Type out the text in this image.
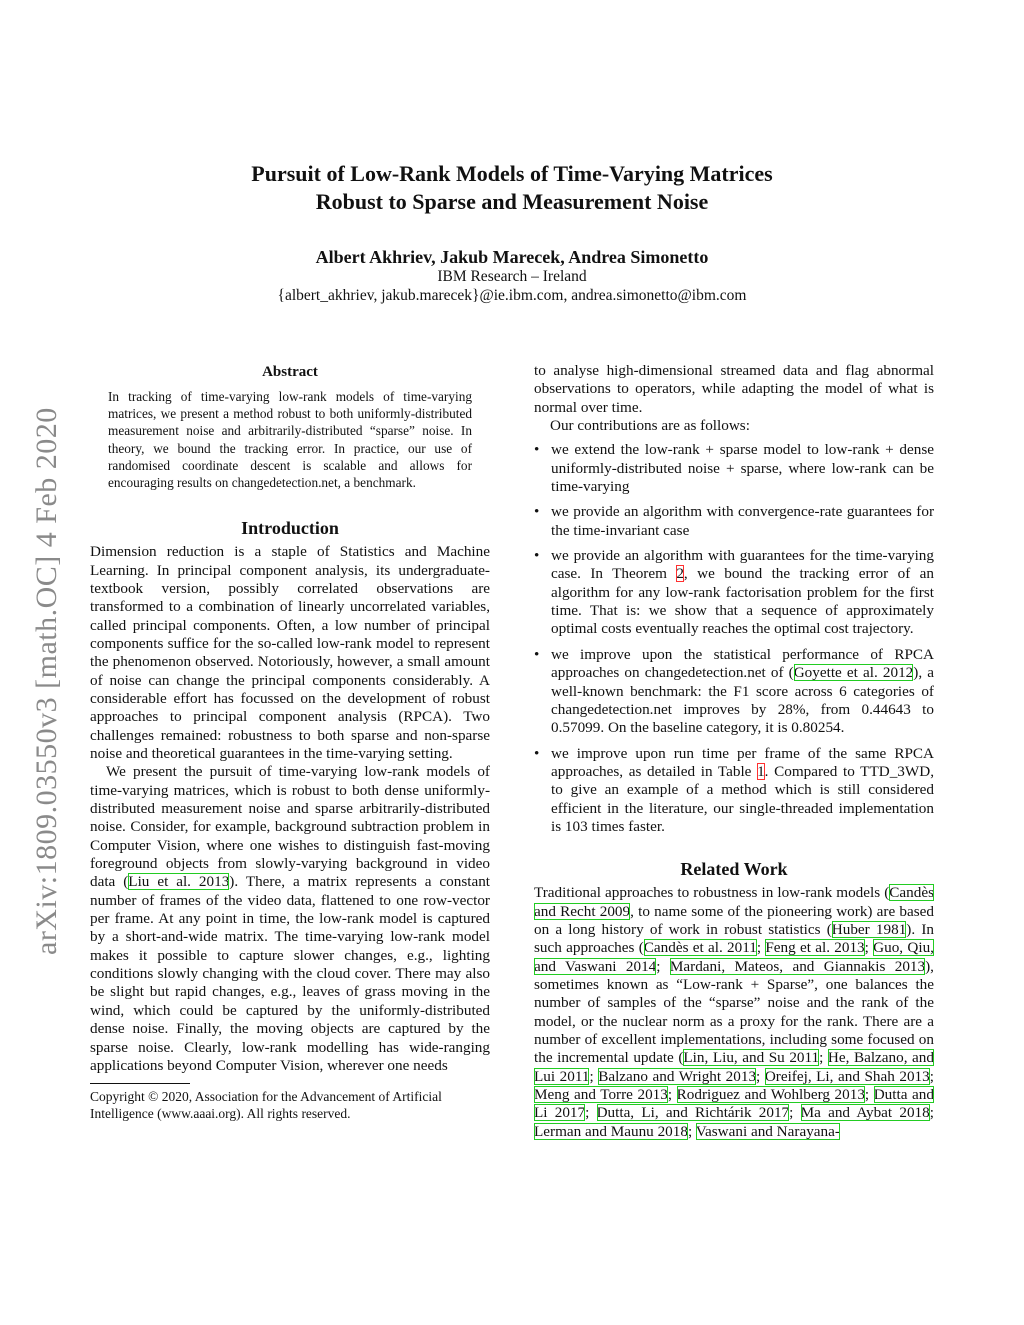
arXiv:1809.03550v3 [math.OC] 4 Feb 2020
Pursuit of Low-Rank Models of Time-Varying Matrices
Robust to Sparse and Measurement Noise
Albert Akhriev, Jakub Marecek, Andrea Simonetto
IBM Research – Ireland
{albert_akhriev, jakub.marecek}@ie.ibm.com, andrea.simonetto@ibm.com
Abstract

In tracking of time-varying low-rank models of time-varying matrices, we present a method robust to both uniformly-distributed measurement noise and arbitrarily-distributed “sparse” noise. In theory, we bound the tracking error. In practice, our use of randomised coordinate descent is scalable and allows for encouraging results on changedetection.net, a benchmark.

Introduction

Dimension reduction is a staple of Statistics and Machine Learning. In principal component analysis, its undergraduate-textbook version, possibly correlated observations are transformed to a combination of linearly uncorrelated variables, called principal components. Often, a low number of principal components suffice for the so-called low-rank model to represent the phenomenon observed. Notoriously, however, a small amount of noise can change the principal components considerably. A considerable effort has focussed on the development of robust approaches to principal component analysis (RPCA). Two challenges remained: robustness to both sparse and non-sparse noise and theoretical guarantees in the time-varying setting.

We present the pursuit of time-varying low-rank models of time-varying matrices, which is robust to both dense uniformly-distributed measurement noise and sparse arbitrarily-distributed noise. Consider, for example, background subtraction problem in Computer Vision, where one wishes to distinguish fast-moving foreground objects from slowly-varying background in video data (Liu et al. 2013). There, a matrix represents a constant number of frames of the video data, flattened to one row-vector per frame. At any point in time, the low-rank model is captured by a short-and-wide matrix. The time-varying low-rank model makes it possible to capture slower changes, e.g., lighting conditions slowly changing with the cloud cover. There may also be slight but rapid changes, e.g., leaves of grass moving in the wind, which could be captured by the uniformly-distributed dense noise. Finally, the moving objects are captured by the sparse noise. Clearly, low-rank modelling has wide-ranging applications beyond Computer Vision, wherever one needs

Copyright © 2020, Association for the Advancement of Artificial Intelligence (www.aaai.org). All rights reserved.

to analyse high-dimensional streamed data and flag abnormal observations to operators, while adapting the model of what is normal over time.

Our contributions are as follows:

• we extend the low-rank + sparse model to low-rank + dense uniformly-distributed noise + sparse, where low-rank can be time-varying
• we provide an algorithm with convergence-rate guarantees for the time-invariant case
• we provide an algorithm with guarantees for the time-varying case. In Theorem 2, we bound the tracking error of an algorithm for any low-rank factorisation problem for the first time. That is: we show that a sequence of approximately optimal costs eventually reaches the optimal cost trajectory.
• we improve upon the statistical performance of RPCA approaches on changedetection.net of (Goyette et al. 2012), a well-known benchmark: the F1 score across 6 categories of changedetection.net improves by 28%, from 0.44643 to 0.57099. On the baseline category, it is 0.80254.
• we improve upon run time per frame of the same RPCA approaches, as detailed in Table 1. Compared to TTD_3WD, to give an example of a method which is still considered efficient in the literature, our single-threaded implementation is 103 times faster.
Related Work

Traditional approaches to robustness in low-rank models (Candès and Recht 2009, to name some of the pioneering work) are based on a long history of work in robust statistics (Huber 1981). In such approaches (Candès et al. 2011; Feng et al. 2013; Guo, Qiu, and Vaswani 2014; Mardani, Mateos, and Giannakis 2013), sometimes known as “Low-rank + Sparse”, one balances the number of samples of the “sparse” noise and the rank of the model, or the nuclear norm as a proxy for the rank. There are a number of excellent implementations, including some focused on the incremental update (Lin, Liu, and Su 2011; He, Balzano, and Lui 2011; Balzano and Wright 2013; Oreifej, Li, and Shah 2013; Meng and Torre 2013; Rodriguez and Wohlberg 2013; Dutta and Li 2017; Dutta, Li, and Richtárik 2017; Ma and Aybat 2018; Lerman and Maunu 2018; Vaswani and Narayana-
